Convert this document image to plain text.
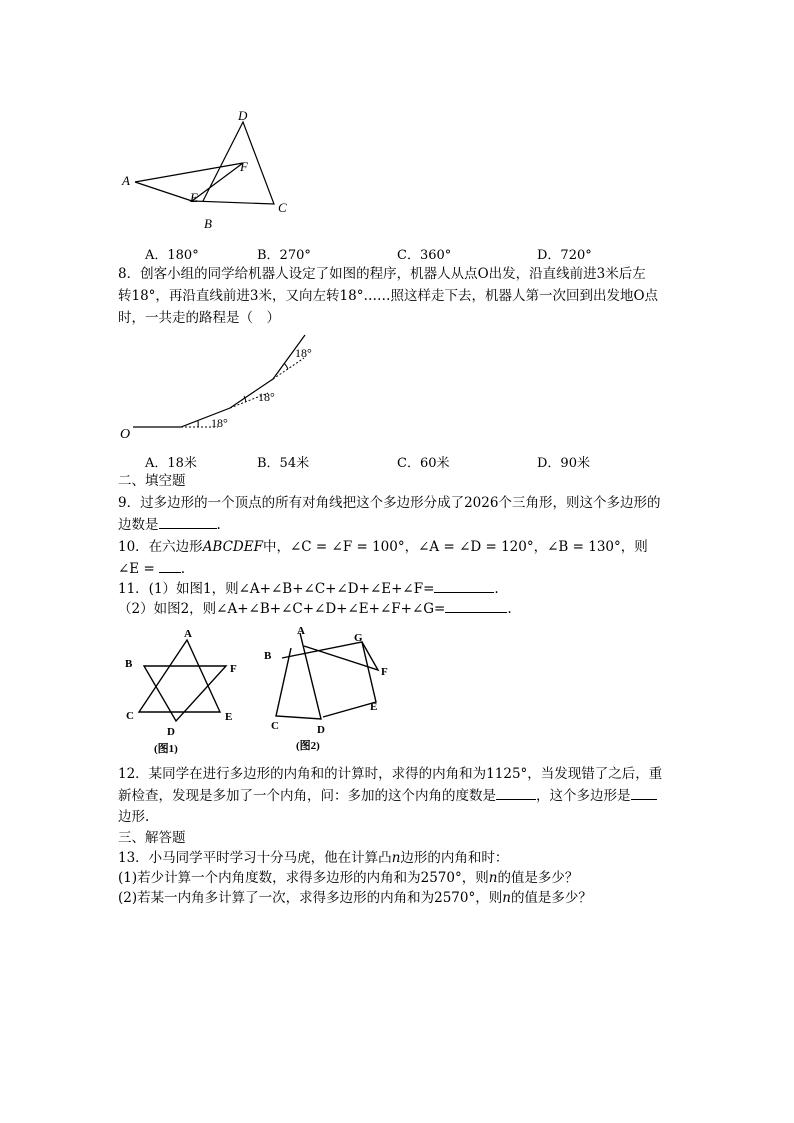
A
B
C
D
E
F
A．180°	B．270°	C．360°	D．720°
8．创客小组的同学给机器人设定了如图的程序，机器人从点O出发，沿直线前进3米后左
转18°，再沿直线前进3米，又向左转18°……照这样走下去，机器人第一次回到出发地O点
时，一共走的路程是（　）
O
18°
18°
18°
A．18米	B．54米	C．60米	D．90米
二、填空题
9．过多边形的一个顶点的所有对角线把这个多边形分成了2026个三角形，则这个多边形的
边数是	.
10．在六边形ABCDEF中，∠C = ∠F = 100°，∠A = ∠D = 120°，∠B = 130°，则
∠E = .
11．(1）如图1，则∠A+∠B+∠C+∠D+∠E+∠F=	.
（2）如图2，则∠A+∠B+∠C+∠D+∠E+∠F+∠G=	.
A
B
C
D
E
F
(图1)
A
B
C	D
E
F
G
(图2)
12．某同学在进行多边形的内角和的计算时，求得的内角和为1125°，当发现错了之后，重
新检查，发现是多加了一个内角，问：多加的这个内角的度数是	，这个多边形是
边形.
三、解答题
13．小马同学平时学习十分马虎，他在计算凸n边形的内角和时：
(1)若少计算一个内角度数，求得多边形的内角和为2570°，则n的值是多少？
(2)若某一内角多计算了一次，求得多边形的内角和为2570°，则n的值是多少？
